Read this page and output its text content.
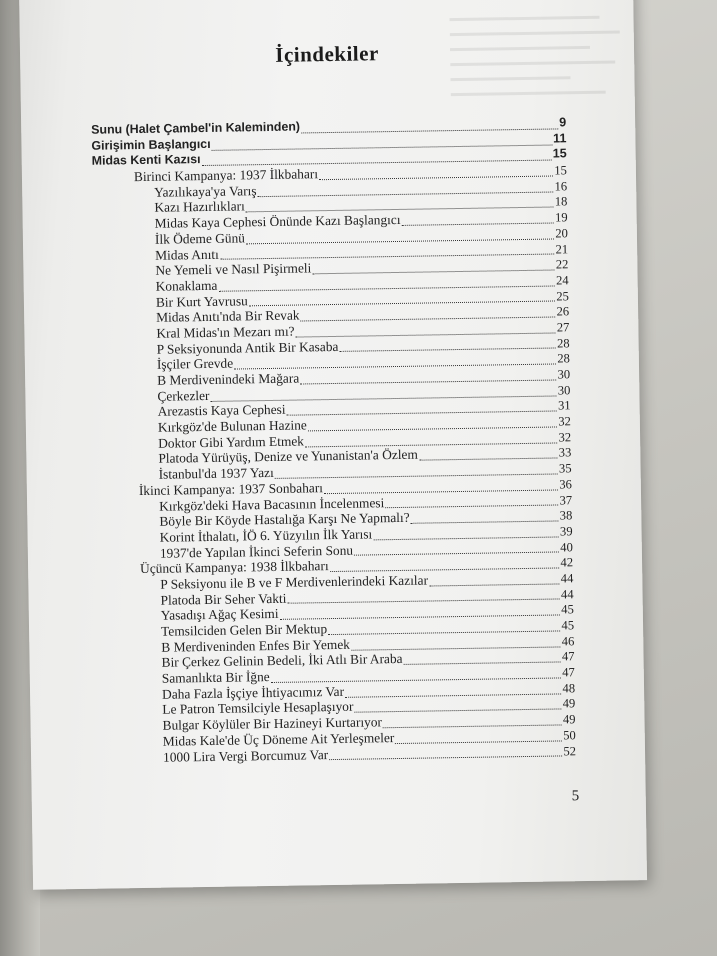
İçindekiler
Sunu (Halet Çambel'in Kaleminden)	9
Girişimin Başlangıcı	11
Midas Kenti Kazısı	15
Birinci Kampanya: 1937 İlkbaharı	15
Yazılıkaya'ya Varış	16
Kazı Hazırlıkları	18
Midas Kaya Cephesi Önünde Kazı Başlangıcı	19
İlk Ödeme Günü	20
Midas Anıtı	21
Ne Yemeli ve Nasıl Pişirmeli	22
Konaklama	24
Bir Kurt Yavrusu	25
Midas Anıtı'nda Bir Revak	26
Kral Midas'ın Mezarı mı?	27
P Seksiyonunda Antik Bir Kasaba	28
İşçiler Grevde	28
B Merdivenindeki Mağara	30
Çerkezler	30
Arezastis Kaya Cephesi	31
Kırkgöz'de Bulunan Hazine	32
Doktor Gibi Yardım Etmek	32
Platoda Yürüyüş, Denize ve Yunanistan'a Özlem	33
İstanbul'da 1937 Yazı	35
İkinci Kampanya: 1937 Sonbaharı	36
Kırkgöz'deki Hava Bacasının İncelenmesi	37
Böyle Bir Köyde Hastalığa Karşı Ne Yapmalı?	38
Korint İthalatı, İÖ 6. Yüzyılın İlk Yarısı	39
1937'de Yapılan İkinci Seferin Sonu	40
Üçüncü Kampanya: 1938 İlkbaharı	42
P Seksiyonu ile B ve F Merdivenlerindeki Kazılar	44
Platoda Bir Seher Vakti	44
Yasadışı Ağaç Kesimi	45
Temsilciden Gelen Bir Mektup	45
B Merdiveninden Enfes Bir Yemek	46
Bir Çerkez Gelinin Bedeli, İki Atlı Bir Araba	47
Samanlıkta Bir İğne	47
Daha Fazla İşçiye İhtiyacımız Var	48
Le Patron Temsilciyle Hesaplaşıyor	49
Bulgar Köylüler Bir Hazineyi Kurtarıyor	49
Midas Kale'de Üç Döneme Ait Yerleşmeler	50
1000 Lira Vergi Borcumuz Var	52
5
